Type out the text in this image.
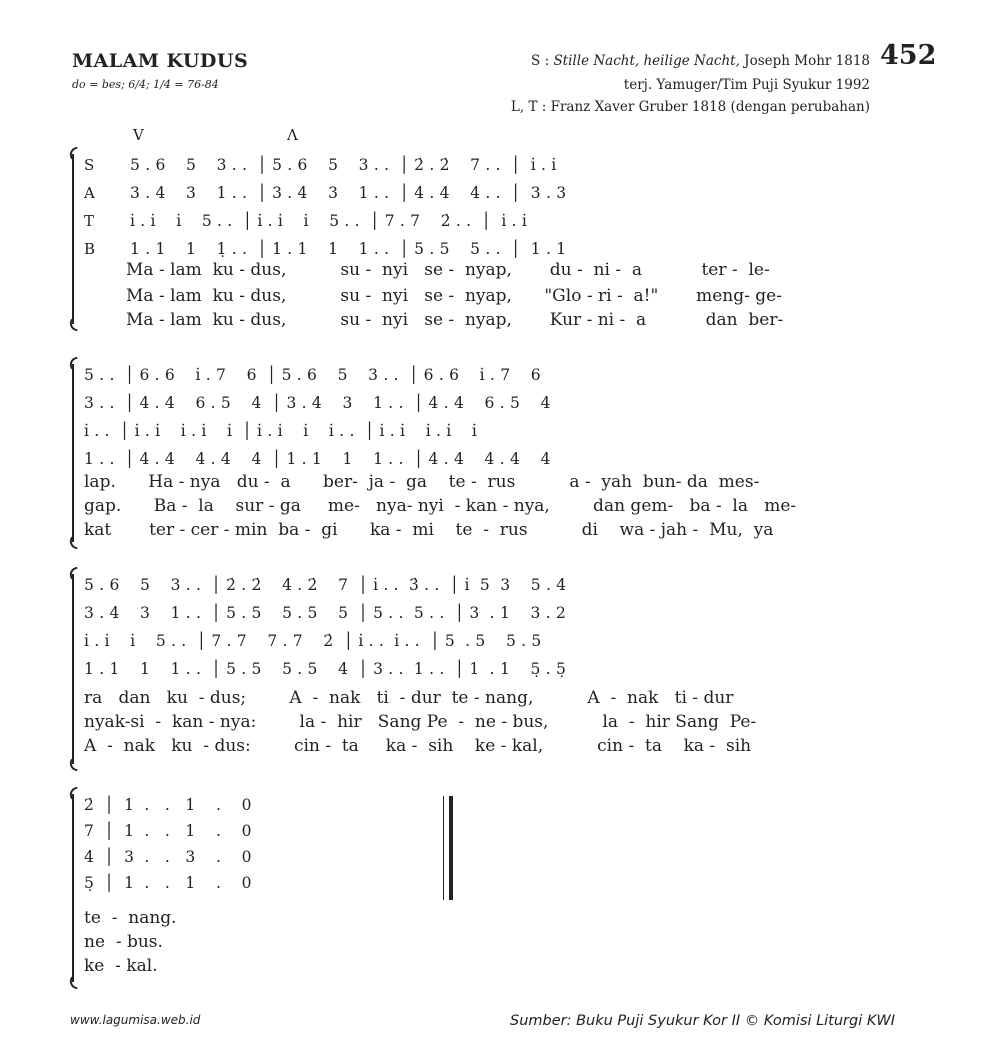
MALAM KUDUS
do = bes; 6/4; 1/4 = 76-84
S : Stille Nacht, heilige Nacht, Joseph Mohr 1818
terj. Yamuger/Tim Puji Syukur 1992
L, T : Franz Xaver Gruber 1818 (dengan perubahan)
452
V	Λ
S
A
T
B
5 . 6    5    3 . .  │ 5 . 6    5    3 . .  │ 2̇ . 2̇    7 . .  │  i̇ . i̇
3 . 4    3    1 . .  │ 3 . 4    3    1 . .  │ 4 . 4    4 . .  │  3 . 3
i̇ . i̇    i̇    5 . .  │ i̇ . i̇    i̇    5 . .  │ 7 . 7    2̇ . .  │  i̇ . i̇
1 . 1    1    1̣ . .  │ 1 . 1    1    1 . .  │ 5 . 5    5 . .  │  1 . 1
Ma - lam  ku - dus,          su -  nyi   se -  nyap,       du -  ni -  a           ter -  le-
Ma - lam  ku - dus,          su -  nyi   se -  nyap,      "Glo - ri -  a!"       meng- ge-
Ma - lam  ku - dus,          su -  nyi   se -  nyap,       Kur - ni -  a           dan  ber-
5 . .  │ 6 . 6    i̇ . 7    6  │ 5 . 6    5    3 . .  │ 6 . 6    i̇ . 7    6
3 . .  │ 4 . 4    6 . 5    4  │ 3 . 4    3    1 . .  │ 4 . 4    6 . 5    4
i̇ . .  │ i̇ . i̇    i̇ . i̇    i̇  │ i̇ . i̇    i̇    i̇ . .  │ i̇ . i̇    i̇ . i̇    i̇
1 . .  │ 4 . 4    4 . 4    4  │ 1 . 1    1    1 . .  │ 4 . 4    4 . 4    4
lap.      Ha - nya   du -  a      ber-  ja -  ga    te -  rus          a -  yah  bun- da  mes-
gap.      Ba -  la    sur - ga     me-   nya- nyi  - kan - nya,        dan gem-   ba -  la   me-
kat       ter - cer - min  ba -  gi      ka -  mi    te  -  rus          di    wa - jah -  Mu,  ya
5 . 6    5    3 . .  │ 2̇ . 2̇    4 . 2̇    7  │ i̇ . .  3̇ . .  │ i̇  5  3    5 . 4
3 . 4    3    1 . .  │ 5 . 5    5 . 5    5  │ 5 . .  5 . .  │ 3  . 1    3 . 2
i̇ . i̇    i̇    5 . .  │ 7 . 7    7 . 7    2̇  │ i̇ . .  i̇ . .  │ 5  . 5    5 . 5
1 . 1    1    1 . .  │ 5 . 5    5 . 5    4  │ 3 . .  1 . .  │ 1  . 1    5̣ . 5̣
ra   dan   ku  - dus;        A  -  nak   ti  - dur  te - nang,          A  -  nak   ti - dur
nyak-si  -  kan - nya:        la -  hir   Sang Pe  -  ne - bus,          la  -  hir Sang  Pe-
A  -  nak   ku  - dus:        cin -  ta     ka -  sih    ke - kal,          cin -  ta    ka -  sih
2̇  │  1  .   .   1    .    0
7  │  1  .   .   1    .    0
4  │  3  .   .   3    .    0
5̣  │  1  .   .   1    .    0
te  -  nang.
ne  - bus.
ke  - kal.
www.lagumisa.web.id	Sumber: Buku Puji Syukur Kor II © Komisi Liturgi KWI
